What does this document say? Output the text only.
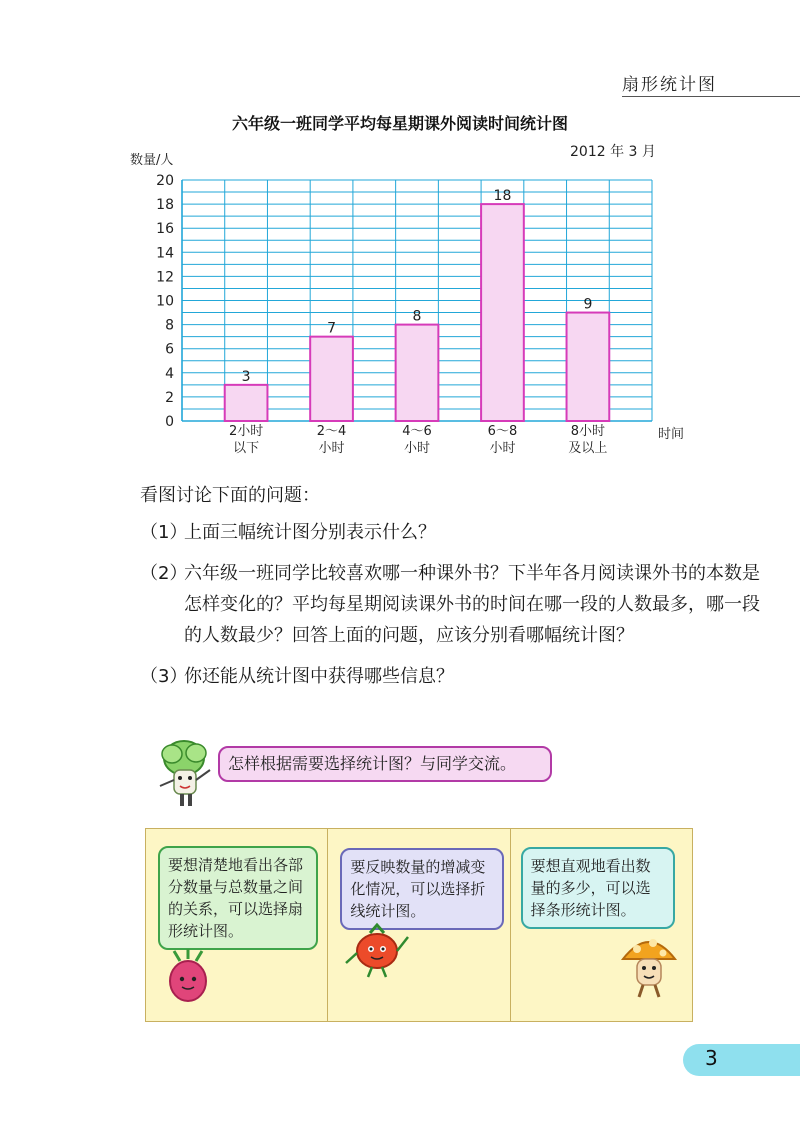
扇形统计图
六年级一班同学平均每星期课外阅读时间统计图
2012 年 3 月
0
2
4
6
8
10
12
14
16
18
20
数量/人
时间
3
2小时
以下
7
2～4
小时
8
4～6
小时
18
6～8
小时
9
8小时
及以上
看图讨论下面的问题：
（1）
上面三幅统计图分别表示什么？
（2）
六年级一班同学比较喜欢哪一种课外书？下半年各月阅读课外书的本数是怎样变化的？平均每星期阅读课外书的时间在哪一段的人数最多，哪一段的人数最少？回答上面的问题，应该分别看哪幅统计图？
（3）
你还能从统计图中获得哪些信息？
怎样根据需要选择统计图？与同学交流。
要想清楚地看出各部分数量与总数量之间的关系，可以选择扇形统计图。
要反映数量的增减变化情况，可以选择折线统计图。
要想直观地看出数量的多少，可以选择条形统计图。
3
